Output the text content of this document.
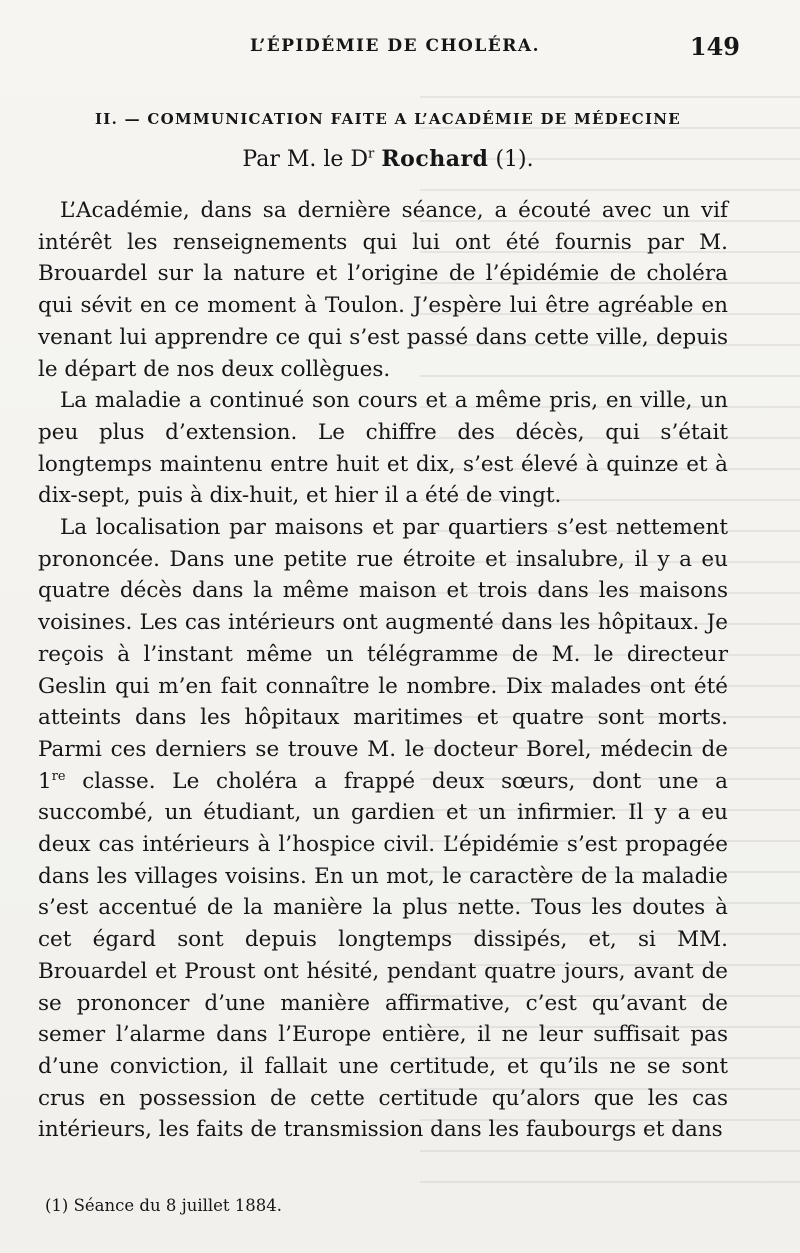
L’ÉPIDÉMIE DE CHOLÉRA.	149
II. — COMMUNICATION FAITE A L’ACADÉMIE DE MÉDECINE
Par M. le $D^r$ Rochard (1).

L’Académie, dans sa dernière séance, a écouté avec un vif intérêt les renseignements qui lui ont été fournis par M. Brouardel sur la nature et l’origine de l’épidémie de choléra qui sévit en ce moment à Toulon. J’espère lui être agréable en venant lui apprendre ce qui s’est passé dans cette ville, depuis le départ de nos deux collègues.

La maladie a continué son cours et a même pris, en ville, un peu plus d’extension. Le chiffre des décès, qui s’était longtemps maintenu entre huit et dix, s’est élevé à quinze et à dix-sept, puis à dix-huit, et hier il a été de vingt.

La localisation par maisons et par quartiers s’est nettement prononcée. Dans une petite rue étroite et insalubre, il y a eu quatre décès dans la même maison et trois dans les maisons voisines. Les cas intérieurs ont augmenté dans les hôpitaux. Je reçois à l’instant même un télégramme de M. le directeur Geslin qui m’en fait connaître le nombre. Dix malades ont été atteints dans les hôpitaux maritimes et quatre sont morts. Parmi ces derniers se trouve M. le docteur Borel, médecin de 1re classe. Le choléra a frappé deux sœurs, dont une a succombé, un étudiant, un gardien et un infirmier. Il y a eu deux cas intérieurs à l’hospice civil. L’épidémie s’est propagée dans les villages voisins. En un mot, le caractère de la maladie s’est accentué de la manière la plus nette. Tous les doutes à cet égard sont depuis longtemps dissipés, et, si MM. Brouardel et Proust ont hésité, pendant quatre jours, avant de se prononcer d’une manière affirmative, c’est qu’avant de semer l’alarme dans l’Europe entière, il ne leur suffisait pas d’une conviction, il fallait une certitude, et qu’ils ne se sont crus en possession de cette certitude qu’alors que les cas intérieurs, les faits de transmission dans les faubourgs et dans

(1) Séance du 8 juillet 1884.
